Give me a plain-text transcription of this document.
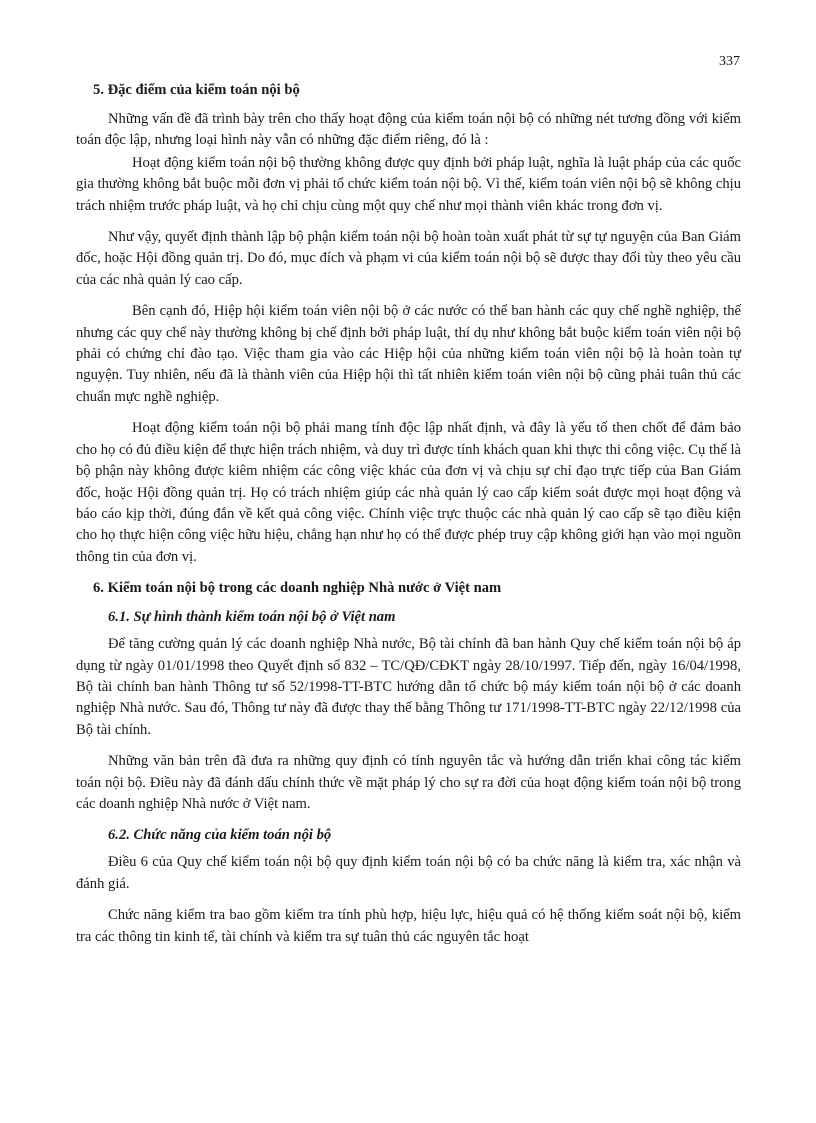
337
5. Đặc điểm của kiểm toán nội bộ

Những vấn đề đã trình bày trên cho thấy hoạt động của kiểm toán nội bộ có những nét tương đồng với kiểm toán độc lập, nhưng loại hình này vẫn có những đặc điểm riêng, đó là :

Hoạt động kiểm toán nội bộ thường không được quy định bởi pháp luật, nghĩa là luật pháp của các quốc gia thường không bắt buộc mỗi đơn vị phải tổ chức kiểm toán nội bộ. Vì thế, kiểm toán viên nội bộ sẽ không chịu trách nhiệm trước pháp luật, và họ chỉ chịu cùng một quy chế như mọi thành viên khác trong đơn vị.

Như vậy, quyết định thành lập bộ phận kiểm toán nội bộ hoàn toàn xuất phát từ sự tự nguyện của Ban Giám đốc, hoặc Hội đồng quản trị. Do đó, mục đích và phạm vi của kiểm toán nội bộ sẽ được thay đổi tùy theo yêu cầu của các nhà quản lý cao cấp.

Bên cạnh đó, Hiệp hội kiểm toán viên nội bộ ở các nước có thể ban hành các quy chế nghề nghiệp, thế nhưng các quy chế này thường không bị chế định bởi pháp luật, thí dụ như không bắt buộc kiểm toán viên nội bộ phải có chứng chỉ đào tạo. Việc tham gia vào các Hiệp hội của những kiểm toán viên nội bộ là hoàn toàn tự nguyện. Tuy nhiên, nếu đã là thành viên của Hiệp hội thì tất nhiên kiểm toán viên nội bộ cũng phải tuân thủ các chuẩn mực nghề nghiệp.

Hoạt động kiểm toán nội bộ phải mang tính độc lập nhất định, và đây là yếu tố then chốt để đảm bảo cho họ có đủ điều kiện để thực hiện trách nhiệm, và duy trì được tính khách quan khi thực thi công việc. Cụ thể là bộ phận này không được kiêm nhiệm các công việc khác của đơn vị và chịu sự chỉ đạo trực tiếp của Ban Giám đốc, hoặc Hội đồng quản trị. Họ có trách nhiệm giúp các nhà quản lý cao cấp kiểm soát được mọi hoạt động và báo cáo kịp thời, đúng đắn về kết quả công việc. Chính việc trực thuộc các nhà quản lý cao cấp sẽ tạo điều kiện cho họ thực hiện công việc hữu hiệu, chẳng hạn như họ có thể được phép truy cập không giới hạn vào mọi nguồn thông tin của đơn vị.

6. Kiểm toán nội bộ trong các doanh nghiệp Nhà nước ở Việt nam
6.1. Sự hình thành kiểm toán nội bộ ở Việt nam

Để tăng cường quản lý các doanh nghiệp Nhà nước, Bộ tài chính đã ban hành Quy chế kiểm toán nội bộ áp dụng từ ngày 01/01/1998 theo Quyết định số 832 – TC/QĐ/CĐKT ngày 28/10/1997. Tiếp đến, ngày 16/04/1998, Bộ tài chính ban hành Thông tư số 52/1998-TT-BTC hướng dẫn tổ chức bộ máy kiểm toán nội bộ ở các doanh nghiệp Nhà nước. Sau đó, Thông tư này đã được thay thế bằng Thông tư 171/1998-TT-BTC ngày 22/12/1998 của Bộ tài chính.

Những văn bản trên đã đưa ra những quy định có tính nguyên tắc và hướng dẫn triển khai công tác kiểm toán nội bộ. Điều này đã đánh dấu chính thức về mặt pháp lý cho sự ra đời của hoạt động kiểm toán nội bộ trong các doanh nghiệp Nhà nước ở Việt nam.

6.2. Chức năng của kiểm toán nội bộ

Điều 6 của Quy chế kiểm toán nội bộ quy định kiểm toán nội bộ có ba chức năng là kiểm tra, xác nhận và đánh giá.

Chức năng kiểm tra bao gồm kiểm tra tính phù hợp, hiệu lực, hiệu quả có hệ thống kiểm soát nội bộ, kiểm tra các thông tin kinh tế, tài chính và kiểm tra sự tuân thủ các nguyên tắc hoạt
